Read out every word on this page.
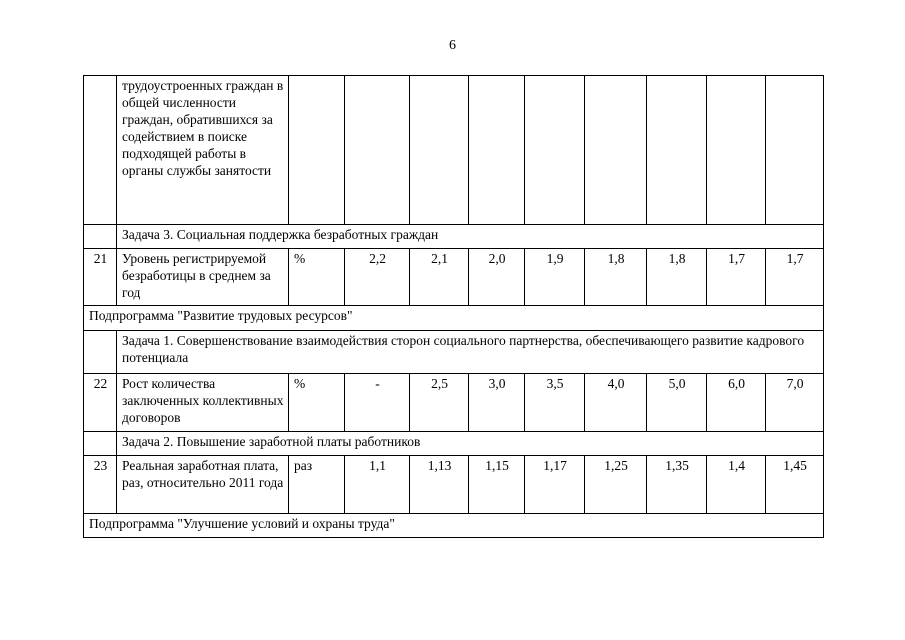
6
	трудоустроенных граждан в общей численности граждан, обратившихся за содействием в поиске подходящей работы в органы службы занятости									
	Задача 3. Социальная поддержка безработных граждан									
21	Уровень регистрируемой безработицы в среднем за год	%	2,2	2,1	2,0	1,9	1,8	1,8	1,7	1,7
Подпрограмма "Развитие трудовых ресурсов"										
	Задача 1. Совершенствование взаимодействия сторон социального партнерства, обеспечивающего развитие кадрового потенциала									
22	Рост количества заключенных коллективных договоров	%	-	2,5	3,0	3,5	4,0	5,0	6,0	7,0
	Задача 2. Повышение заработной платы работников									
23	Реальная заработная плата, раз, относительно 2011 года	раз	1,1	1,13	1,15	1,17	1,25	1,35	1,4	1,45
Подпрограмма "Улучшение условий и охраны труда"										
